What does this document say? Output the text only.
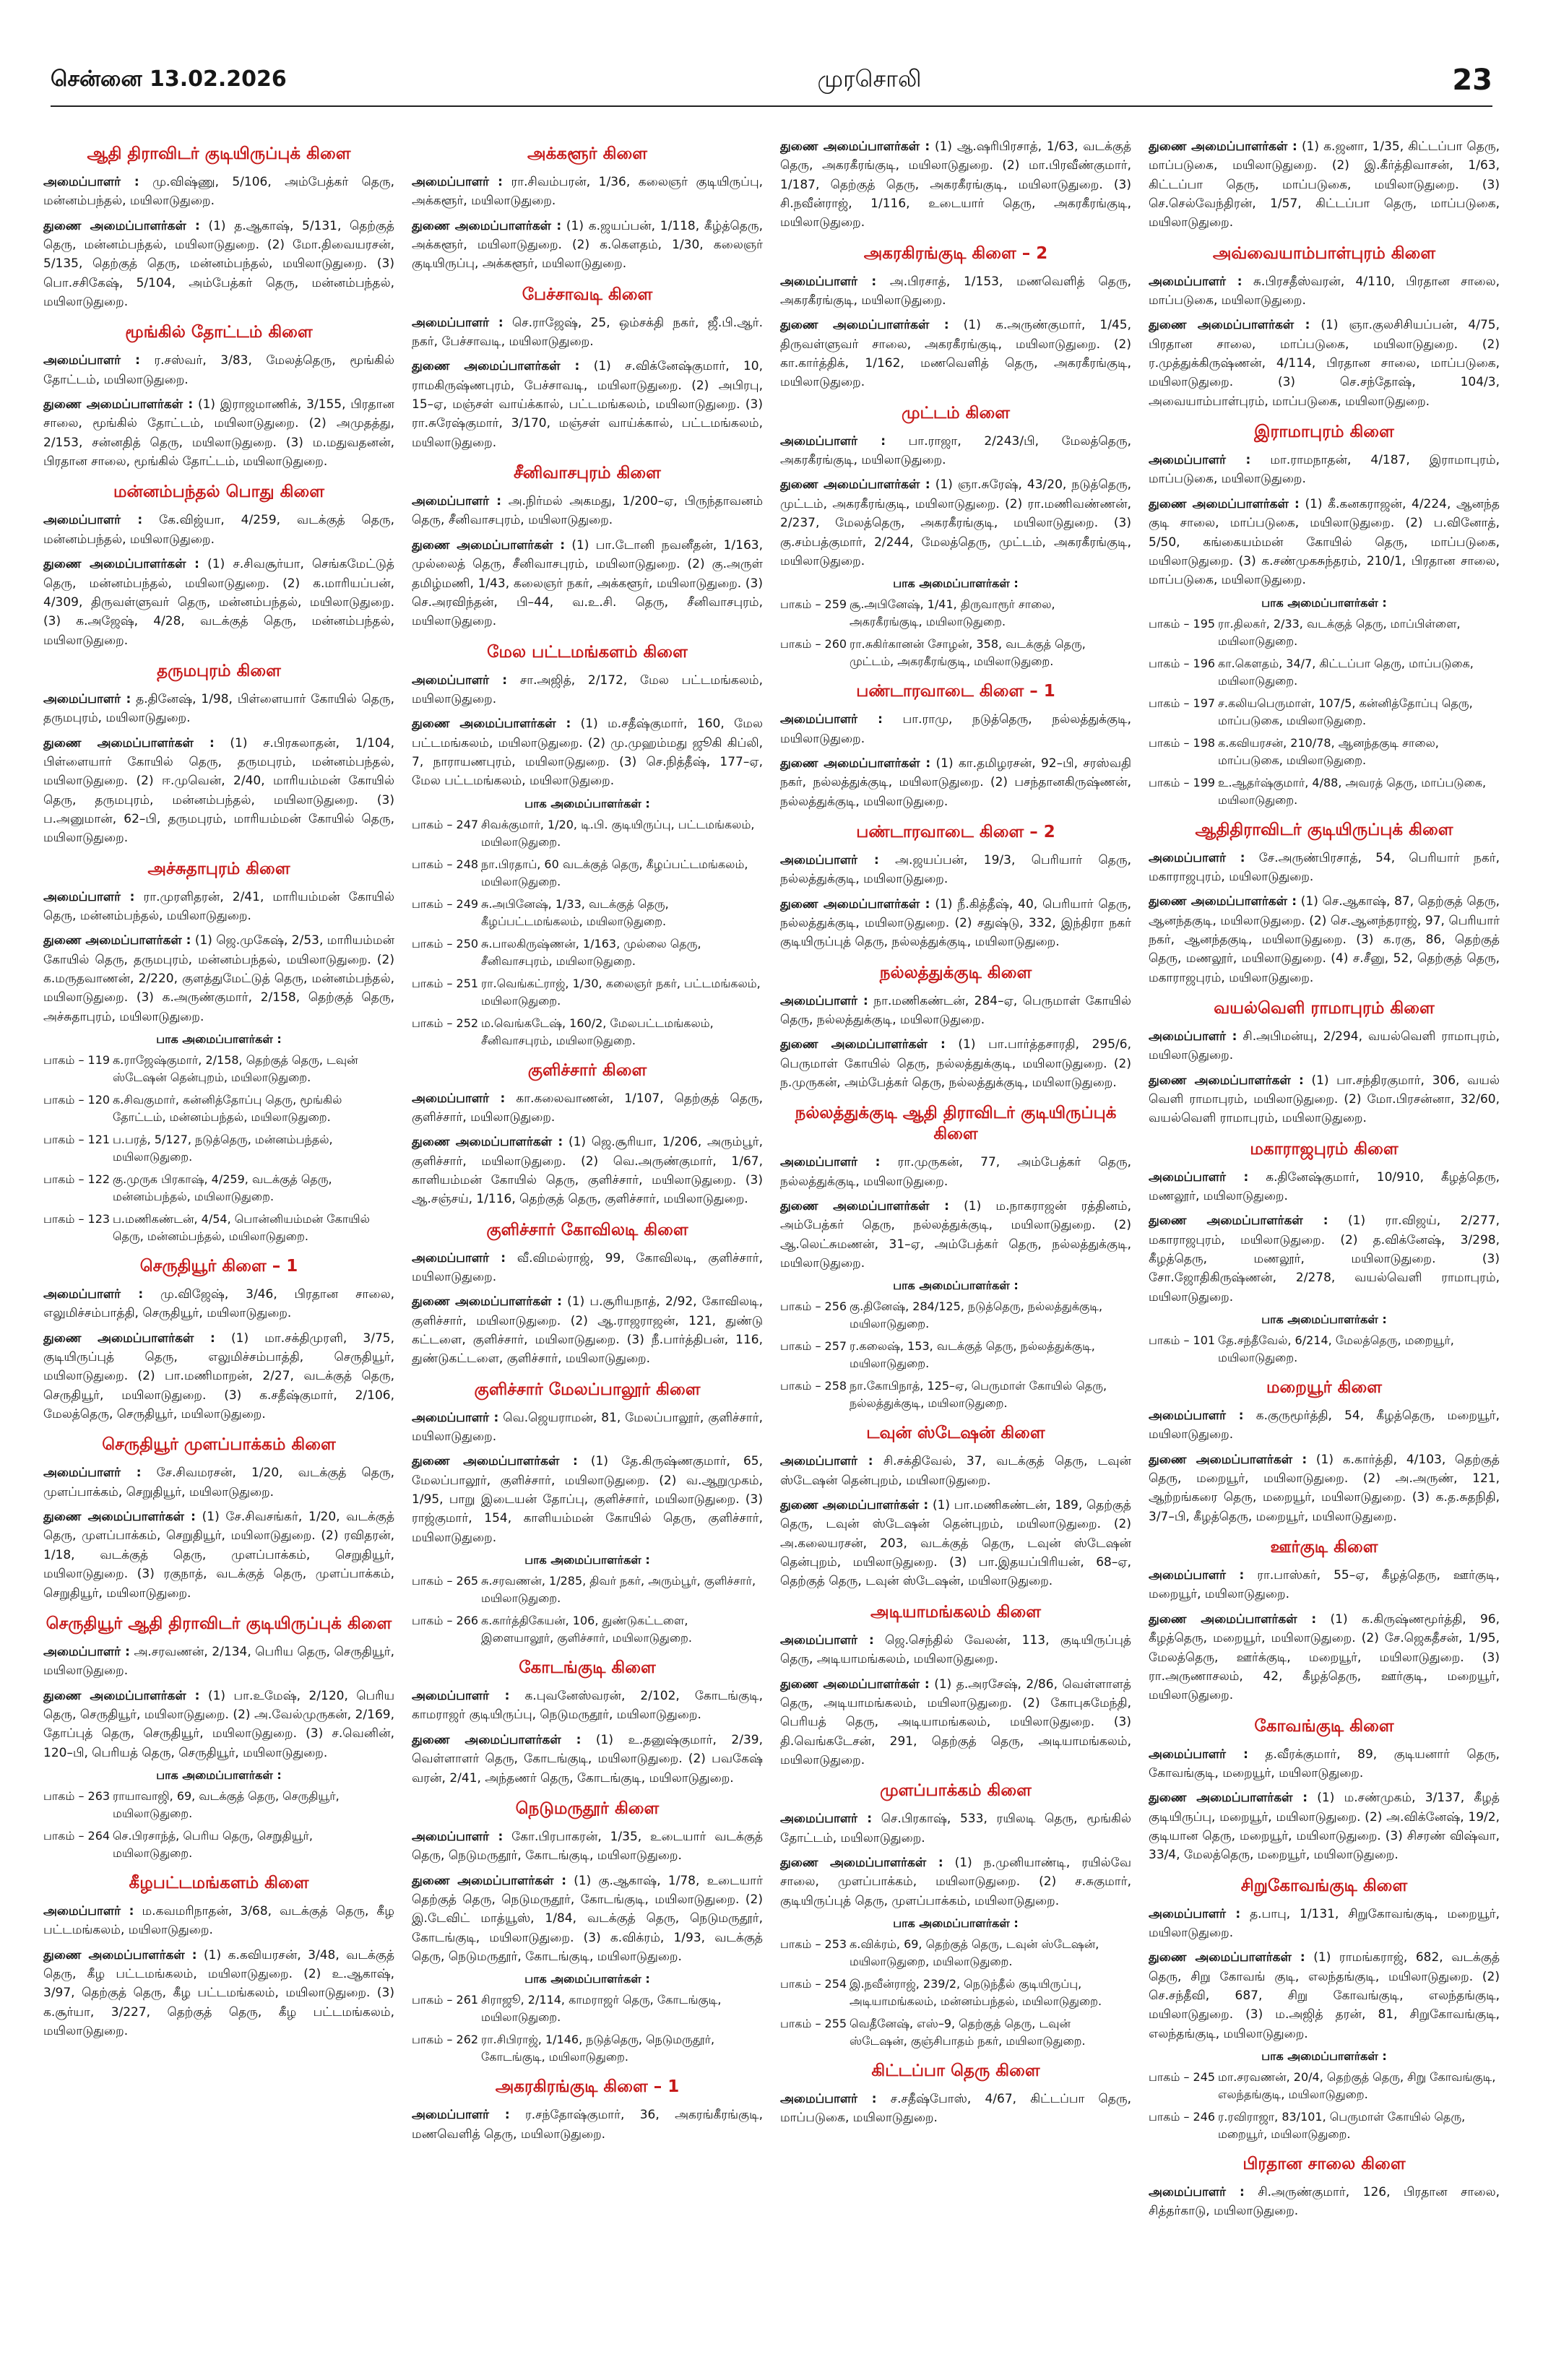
சென்னை 13.02.2026	முரசொலி	23
ஆதி திராவிடர் குடியிருப்புக் கிளை
அமைப்பாளர் : மு.விஷ்ணு, 5/106, அம்பேத்கர் தெரு, மன்னம்பந்தல், மயிலாடுதுறை.
துணை அமைப்பாளர்கள் : (1) த.ஆகாஷ், 5/131, தெற்குத் தெரு, மன்னம்பந்தல், மயிலாடுதுறை. (2) மோ.திவையரசன், 5/135, தெற்குத் தெரு, மன்னம்பந்தல், மயிலாடுதுறை. (3) பொ.சசிகேஷ், 5/104, அம்பேத்கர் தெரு, மன்னம்பந்தல், மயிலாடுதுறை.
மூங்கில் தோட்டம் கிளை
அமைப்பாளர் : ர.சஸ்வர், 3/83, மேலத்தெரு, மூங்கில் தோட்டம், மயிலாடுதுறை.
துணை அமைப்பாளர்கள் : (1) இராஜமாணிக், 3/155, பிரதான சாலை, மூங்கில் தோட்டம், மயிலாடுதுறை. (2) அமுதத்து, 2/153, சன்னதித் தெரு, மயிலாடுதுறை. (3) ம.மதுவதனன், பிரதான சாலை, மூங்கில் தோட்டம், மயிலாடுதுறை.
மன்னம்பந்தல் பொது கிளை
அமைப்பாளர் : கே.விஜ்யா, 4/259, வடக்குத் தெரு, மன்னம்பந்தல், மயிலாடுதுறை.
துணை அமைப்பாளர்கள் : (1) ச.சிவசூர்யா, செங்கமேட்டுத் தெரு, மன்னம்பந்தல், மயிலாடுதுறை. (2) க.மாரியப்பன், 4/309, திருவள்ளுவர் தெரு, மன்னம்பந்தல், மயிலாடுதுறை. (3) க.அஜேஷ், 4/28, வடக்குத் தெரு, மன்னம்பந்தல், மயிலாடுதுறை.
தருமபுரம் கிளை
அமைப்பாளர் : த.தினேஷ், 1/98, பிள்ளையார் கோயில் தெரு, தருமபுரம், மயிலாடுதுறை.
துணை அமைப்பாளர்கள் : (1) ச.பிரகலாதன், 1/104, பிள்ளையார் கோயில் தெரு, தருமபுரம், மன்னம்பந்தல், மயிலாடுதுறை. (2) ஈ.முவென், 2/40, மாரியம்மன் கோயில் தெரு, தருமபுரம், மன்னம்பந்தல், மயிலாடுதுறை. (3) ப.அனுமான், 62–பி, தருமபுரம், மாரியம்மன் கோயில் தெரு, மயிலாடுதுறை.
அச்சுதாபுரம் கிளை
அமைப்பாளர் : ரா.முரளிதரன், 2/41, மாரியம்மன் கோயில் தெரு, மன்னம்பந்தல், மயிலாடுதுறை.
துணை அமைப்பாளர்கள் : (1) ஜெ.முகேஷ், 2/53, மாரியம்மன் கோயில் தெரு, தருமபுரம், மன்னம்பந்தல், மயிலாடுதுறை. (2) க.மருதவாணன், 2/220, குளத்துமேட்டுத் தெரு, மன்னம்பந்தல், மயிலாடுதுறை. (3) க.அருண்குமார், 2/158, தெற்குத் தெரு, அச்சுதாபுரம், மயிலாடுதுறை.
பாக அமைப்பாளர்கள் :
பாகம் – 119 க.ராஜேஷ்குமார், 2/158, தெற்குத் தெரு, டவுன் ஸ்டேஷன் தென்புறம், மயிலாடுதுறை.
பாகம் – 120 க.சிவகுமார், கன்னித்தோப்பு தெரு, மூங்கில் தோட்டம், மன்னம்பந்தல், மயிலாடுதுறை.
பாகம் – 121 ப.பரத், 5/127, நடுத்தெரு, மன்னம்பந்தல், மயிலாடுதுறை.
பாகம் – 122 கு.முருக பிரகாஷ், 4/259, வடக்குத் தெரு, மன்னம்பந்தல், மயிலாடுதுறை.
பாகம் – 123 ப.மணிகண்டன், 4/54, பொன்னியம்மன் கோயில் தெரு, மன்னம்பந்தல், மயிலாடுதுறை.
செருதியூர் கிளை – 1
அமைப்பாளர் : மு.விஜேஷ், 3/46, பிரதான சாலை, எலுமிச்சம்பாத்தி, செருதியூர், மயிலாடுதுறை.
துணை அமைப்பாளர்கள் : (1) மா.சக்திமுரளி, 3/75, குடியிருப்புத் தெரு, எலுமிச்சம்பாத்தி, செருதியூர், மயிலாடுதுறை. (2) பா.மணிமாறன், 2/27, வடக்குத் தெரு, செருதியூர், மயிலாடுதுறை. (3) க.சதீஷ்குமார், 2/106, மேலத்தெரு, செருதியூர், மயிலாடுதுறை.
செருதியூர் முளப்பாக்கம் கிளை
அமைப்பாளர் : சே.சிவமரசன், 1/20, வடக்குத் தெரு, முளப்பாக்கம், செறுதியூர், மயிலாடுதுறை.
துணை அமைப்பாளர்கள் : (1) சே.சிவசங்கர், 1/20, வடக்குத் தெரு, முளப்பாக்கம், செறுதியூர், மயிலாடுதுறை. (2) ரவிதரன், 1/18, வடக்குத் தெரு, முளப்பாக்கம், செறுதியூர், மயிலாடுதுறை. (3) ரகுநாத், வடக்குத் தெரு, முளப்பாக்கம், செறுதியூர், மயிலாடுதுறை.
செருதியூர் ஆதி திராவிடர் குடியிருப்புக் கிளை
அமைப்பாளர் : அ.சரவணன், 2/134, பெரிய தெரு, செருதியூர், மயிலாடுதுறை.
துணை அமைப்பாளர்கள் : (1) பா.உமேஷ், 2/120, பெரிய தெரு, செருதியூர், மயிலாடுதுறை. (2) அ.வேல்முருகன், 2/169, தோப்புத் தெரு, செருதியூர், மயிலாடுதுறை. (3) ச.வெனின், 120–பி, பெரியத் தெரு, செருதியூர், மயிலாடுதுறை.
பாக அமைப்பாளர்கள் :
பாகம் – 263 ராயாவாஜி, 69, வடக்குத் தெரு, செருதியூர், மயிலாடுதுறை.
பாகம் – 264 செ.பிரசாந்த், பெரிய தெரு, செறுதியூர், மயிலாடுதுறை.
கீழபட்டமங்களம் கிளை
அமைப்பாளர் : ம.கவமரிநாதன், 3/68, வடக்குத் தெரு, கீழ பட்டமங்கலம், மயிலாடுதுறை.
துணை அமைப்பாளர்கள் : (1) க.கவியரசன், 3/48, வடக்குத் தெரு, கீழ பட்டமங்கலம், மயிலாடுதுறை. (2) உ.ஆகாஷ், 3/97, தெற்குத் தெரு, கீழ பட்டமங்கலம், மயிலாடுதுறை. (3) க.சூர்யா, 3/227, தெற்குத் தெரு, கீழ பட்டமங்கலம், மயிலாடுதுறை.
அக்களூர் கிளை
அமைப்பாளர் : ரா.சிவம்பரன், 1/36, கலைஞர் குடியிருப்பு, அக்களூர், மயிலாடுதுறை.
துணை அமைப்பாளர்கள் : (1) க.ஜயப்பன், 1/118, கீழ்த்தெரு, அக்களூர், மயிலாடுதுறை. (2) க.கௌதம், 1/30, கலைஞர் குடியிருப்பு, அக்களூர், மயிலாடுதுறை.
பேச்சாவடி கிளை
அமைப்பாளர் : செ.ராஜேஷ், 25, ஒம்சக்தி நகர், ஜீ.பி.ஆர். நகர், பேச்சாவடி, மயிலாடுதுறை.
துணை அமைப்பாளர்கள் : (1) ச.விக்னேஷ்குமார், 10, ராமகிருஷ்ணபுரம், பேச்சாவடி, மயிலாடுதுறை. (2) அபிரபு, 15–ஏ, மஞ்சள் வாய்க்கால், பட்டமங்கலம், மயிலாடுதுறை. (3) ரா.சுரேஷ்குமார், 3/170, மஞ்சள் வாய்க்கால், பட்டமங்கலம், மயிலாடுதுறை.
சீனிவாசபுரம் கிளை
அமைப்பாளர் : அ.நிர்மல் அகமது, 1/200–ஏ, பிருந்தாவனம் தெரு, சீனிவாசபுரம், மயிலாடுதுறை.
துணை அமைப்பாளர்கள் : (1) பா.டோனி நவனீதன், 1/163, முல்லைத் தெரு, சீனிவாசபுரம், மயிலாடுதுறை. (2) கு.அருள் தமிழ்மணி, 1/43, கலைஞர் நகர், அக்களூர், மயிலாடுதுறை. (3) செ.அரவிந்தன், பி–44, வ.உ.சி. தெரு, சீனிவாசபுரம், மயிலாடுதுறை.
மேல பட்டமங்களம் கிளை
அமைப்பாளர் : சா.அஜித், 2/172, மேல பட்டமங்கலம், மயிலாடுதுறை.
துணை அமைப்பாளர்கள் : (1) ம.சதீஷ்குமார், 160, மேல பட்டமங்கலம், மயிலாடுதுறை. (2) மு.முஹம்மது ஜூகி கிப்லி, 7, நாராயணபுரம், மயிலாடுதுறை. (3) செ.நித்தீஷ், 177–ஏ, மேல பட்டமங்கலம், மயிலாடுதுறை.
பாக அமைப்பாளர்கள் :
பாகம் – 247 சிவக்குமார், 1/20, டி.பி. குடியிருப்பு, பட்டமங்கலம், மயிலாடுதுறை.
பாகம் – 248 நா.பிரதாப், 60 வடக்குத் தெரு, கீழப்பட்டமங்கலம், மயிலாடுதுறை.
பாகம் – 249 சு.அபினேஷ், 1/33, வடக்குத் தெரு, கீழப்பட்டமங்கலம், மயிலாடுதுறை.
பாகம் – 250 சு.பாலகிருஷ்ணன், 1/163, முல்லை தெரு, சீனிவாசபுரம், மயிலாடுதுறை.
பாகம் – 251 ரா.வெங்கட்ராஜ், 1/30, கலைஞர் நகர், பட்டமங்கலம், மயிலாடுதுறை.
பாகம் – 252 ம.வெங்கடேஷ், 160/2, மேலபட்டமங்கலம், சீனிவாசபுரம், மயிலாடுதுறை.
குளிச்சார் கிளை
அமைப்பாளர் : கா.கலைவாணன், 1/107, தெற்குத் தெரு, குளிச்சார், மயிலாடுதுறை.
துணை அமைப்பாளர்கள் : (1) ஜெ.சூரியா, 1/206, அரும்பூர், குளிச்சார், மயிலாடுதுறை. (2) வெ.அருண்குமார், 1/67, காளியம்மன் கோயில் தெரு, குளிச்சார், மயிலாடுதுறை. (3) ஆ.சஞ்சய், 1/116, தெற்குத் தெரு, குளிச்சார், மயிலாடுதுறை.
குளிச்சார் கோவிலடி கிளை
அமைப்பாளர் : வீ.விமல்ராஜ், 99, கோவிலடி, குளிச்சார், மயிலாடுதுறை.
துணை அமைப்பாளர்கள் : (1) ப.சூரியநாத், 2/92, கோவிலடி, குளிச்சார், மயிலாடுதுறை. (2) ஆ.ராஜராஜன், 121, துண்டு கட்டளை, குளிச்சார், மயிலாடுதுறை. (3) நீ.பார்த்திபன், 116, துண்டுகட்டளை, குளிச்சார், மயிலாடுதுறை.
குளிச்சார் மேலப்பாலூர் கிளை
அமைப்பாளர் : வெ.ஜெயராமன், 81, மேலப்பாலூர், குளிச்சார், மயிலாடுதுறை.
துணை அமைப்பாளர்கள் : (1) தே.கிருஷ்ணகுமார், 65, மேலப்பாலூர், குளிச்சார், மயிலாடுதுறை. (2) வ.ஆறுமுகம், 1/95, பாறு இடையன் தோப்பு, குளிச்சார், மயிலாடுதுறை. (3) ராஜ்குமார், 154, காளியம்மன் கோயில் தெரு, குளிச்சார், மயிலாடுதுறை.
பாக அமைப்பாளர்கள் :
பாகம் – 265 சு.சரவணன், 1/285, திவர் நகர், அரும்பூர், குளிச்சார், மயிலாடுதுறை.
பாகம் – 266 க.கார்த்திகேயன், 106, துண்டுகட்டளை, இளையாலூர், குளிச்சார், மயிலாடுதுறை.
கோடங்குடி கிளை
அமைப்பாளர் : க.புவனேஸ்வரன், 2/102, கோடங்குடி, காமராஜர் குடியிருப்பு, நெடுமருதூர், மயிலாடுதுறை.
துணை அமைப்பாளர்கள் : (1) உ.தனுஷ்குமார், 2/39, வெள்ளாளர் தெரு, கோடங்குடி, மயிலாடுதுறை. (2) பவகேஷ் வரன், 2/41, அந்தணர் தெரு, கோடங்குடி, மயிலாடுதுறை.
நெடுமருதூர் கிளை
அமைப்பாளர் : கோ.பிரபாகரன், 1/35, உடையார் வடக்குத் தெரு, நெடுமருதூர், கோடங்குடி, மயிலாடுதுறை.
துணை அமைப்பாளர்கள் : (1) கு.ஆகாஷ், 1/78, உடையார் தெற்குத் தெரு, நெடுமருதூர், கோடங்குடி, மயிலாடுதுறை. (2) இ.டேவிட் மாத்யூஸ், 1/84, வடக்குத் தெரு, நெடுமருதூர், கோடங்குடி, மயிலாடுதுறை. (3) க.விக்ரம், 1/93, வடக்குத் தெரு, நெடுமருதூர், கோடங்குடி, மயிலாடுதுறை.
பாக அமைப்பாளர்கள் :
பாகம் – 261 சிராஜூ, 2/114, காமராஜர் தெரு, கோடங்குடி, மயிலாடுதுறை.
பாகம் – 262 ரா.சிபிராஜ், 1/146, நடுத்தெரு, நெடுமருதூர், கோடங்குடி, மயிலாடுதுறை.
அகரகிரங்குடி கிளை – 1
அமைப்பாளர் : ர.சந்தோஷ்குமார், 36, அகரங்கீரங்குடி, மணவெளித் தெரு, மயிலாடுதுறை.
துணை அமைப்பாளர்கள் : (1) ஆ.ஷரிபிரசாத், 1/63, வடக்குத் தெரு, அகரகீரங்குடி, மயிலாடுதுறை. (2) மா.பிரவீண்குமார், 1/187, தெற்குத் தெரு, அகரகீரங்குடி, மயிலாடுதுறை. (3) சி.நவீன்ராஜ், 1/116, உடையார் தெரு, அகரகீரங்குடி, மயிலாடுதுறை.
அகரகிரங்குடி கிளை – 2
அமைப்பாளர் : அ.பிரசாத், 1/153, மணவெளித் தெரு, அகரகீரங்குடி, மயிலாடுதுறை.
துணை அமைப்பாளர்கள் : (1) க.அருண்குமார், 1/45, திருவள்ளுவர் சாலை, அகரகீரங்குடி, மயிலாடுதுறை. (2) கா.கார்த்திக், 1/162, மணவெளித் தெரு, அகரகீரங்குடி, மயிலாடுதுறை.
முட்டம் கிளை
அமைப்பாளர் : பா.ராஜா, 2/243/பி, மேலத்தெரு, அகரகீரங்குடி, மயிலாடுதுறை.
துணை அமைப்பாளர்கள் : (1) ஞா.சுரேஷ், 43/20, நடுத்தெரு, முட்டம், அகரகீரங்குடி, மயிலாடுதுறை. (2) ரா.மணிவண்ணன், 2/237, மேலத்தெரு, அகரகீரங்குடி, மயிலாடுதுறை. (3) கு.சம்பத்குமார், 2/244, மேலத்தெரு, முட்டம், அகரகீரங்குடி, மயிலாடுதுறை.
பாக அமைப்பாளர்கள் :
பாகம் – 259 சூ.அபினேஷ், 1/41, திருவாரூர் சாலை, அகரகீரங்குடி, மயிலாடுதுறை.
பாகம் – 260 ரா.சுகிர்கானன் சோழன், 358, வடக்குத் தெரு, முட்டம், அகரகீரங்குடி, மயிலாடுதுறை.
பண்டாரவாடை கிளை – 1
அமைப்பாளர் : பா.ராமு, நடுத்தெரு, நல்லத்துக்குடி, மயிலாடுதுறை.
துணை அமைப்பாளர்கள் : (1) கா.தமிழரசன், 92–பி, சரஸ்வதி நகர், நல்லத்துக்குடி, மயிலாடுதுறை. (2) பசந்தானகிருஷ்ணன், நல்லத்துக்குடி, மயிலாடுதுறை.
பண்டாரவாடை கிளை – 2
அமைப்பாளர் : அ.ஜயப்பன், 19/3, பெரியார் தெரு, நல்லத்துக்குடி, மயிலாடுதுறை.
துணை அமைப்பாளர்கள் : (1) நீ.கித்தீஷ், 40, பெரியார் தெரு, நல்லத்துக்குடி, மயிலாடுதுறை. (2) சதுஷ்டு, 332, இந்திரா நகர் குடியிருப்புத் தெரு, நல்லத்துக்குடி, மயிலாடுதுறை.
நல்லத்துக்குடி கிளை
அமைப்பாளர் : நா.மணிகண்டன், 284–ஏ, பெருமாள் கோயில் தெரு, நல்லத்துக்குடி, மயிலாடுதுறை.
துணை அமைப்பாளர்கள் : (1) பா.பார்த்தசாரதி, 295/6, பெருமாள் கோயில் தெரு, நல்லத்துக்குடி, மயிலாடுதுறை. (2) ந.முருகன், அம்பேத்கர் தெரு, நல்லத்துக்குடி, மயிலாடுதுறை.
நல்லத்துக்குடி ஆதி திராவிடர் குடியிருப்புக் கிளை
அமைப்பாளர் : ரா.முருகன், 77, அம்பேத்கர் தெரு, நல்லத்துக்குடி, மயிலாடுதுறை.
துணை அமைப்பாளர்கள் : (1) ம.நாகராஜன் ரத்தினம், அம்பேத்கர் தெரு, நல்லத்துக்குடி, மயிலாடுதுறை. (2) ஆ.லெட்சுமணன், 31–ஏ, அம்பேத்கர் தெரு, நல்லத்துக்குடி, மயிலாடுதுறை.
பாக அமைப்பாளர்கள் :
பாகம் – 256 கு.தினேஷ், 284/125, நடுத்தெரு, நல்லத்துக்குடி, மயிலாடுதுறை.
பாகம் – 257 ர.கலைஷ், 153, வடக்குத் தெரு, நல்லத்துக்குடி, மயிலாடுதுறை.
பாகம் – 258 நா.கோபிநாத், 125–ஏ, பெருமாள் கோயில் தெரு, நல்லத்துக்குடி, மயிலாடுதுறை.
டவுன் ஸ்டேஷன் கிளை
அமைப்பாளர் : சி.சக்திவேல், 37, வடக்குத் தெரு, டவுன் ஸ்டேஷன் தென்புறம், மயிலாடுதுறை.
துணை அமைப்பாளர்கள் : (1) பா.மணிகண்டன், 189, தெற்குத் தெரு, டவுன் ஸ்டேஷன் தென்புறம், மயிலாடுதுறை. (2) அ.கலையரசன், 203, வடக்குத் தெரு, டவுன் ஸ்டேஷன் தென்புறம், மயிலாடுதுறை. (3) பா.இதயப்பிரியன், 68–ஏ, தெற்குத் தெரு, டவுன் ஸ்டேஷன், மயிலாடுதுறை.
அடியாமங்கலம் கிளை
அமைப்பாளர் : ஜெ.செந்தில் வேலன், 113, குடியிருப்புத் தெரு, அடியாமங்கலம், மயிலாடுதுறை.
துணை அமைப்பாளர்கள் : (1) த.அரசேஷ், 2/86, வெள்ளாளத் தெரு, அடியாமங்கலம், மயிலாடுதுறை. (2) கோபுசுமேந்தி, பெரியத் தெரு, அடியாமங்கலம், மயிலாடுதுறை. (3) தி.வெங்கடேசன், 291, தெற்குத் தெரு, அடியாமங்கலம், மயிலாடுதுறை.
முளப்பாக்கம் கிளை
அமைப்பாளர் : செ.பிரகாஷ், 533, ரயிலடி தெரு, மூங்கில் தோட்டம், மயிலாடுதுறை.
துணை அமைப்பாளர்கள் : (1) ந.முனியாண்டி, ரயில்வே சாலை, முளப்பாக்கம், மயிலாடுதுறை. (2) ச.சுகுமார், குடியிருப்புத் தெரு, முளப்பாக்கம், மயிலாடுதுறை.
பாக அமைப்பாளர்கள் :
பாகம் – 253 க.விக்ரம், 69, தெற்குத் தெரு, டவுன் ஸ்டேஷன், மயிலாடுதுறை, மயிலாடுதுறை.
பாகம் – 254 இ.நவீன்ராஜ், 239/2, நெடுந்தீல் குடியிருப்பு, அடியாமங்கலம், மன்னம்பந்தல், மயிலாடுதுறை.
பாகம் – 255 வெதீனேஷ், எஸ்–9, தெற்குத் தெரு, டவுன் ஸ்டேஷன், குஞ்சிபாதம் நகர், மயிலாடுதுறை.
கிட்டப்பா தெரு கிளை
அமைப்பாளர் : ச.சதீஷ்போஸ், 4/67, கிட்டப்பா தெரு, மாப்படுகை, மயிலாடுதுறை.
துணை அமைப்பாளர்கள் : (1) க.ஜனா, 1/35, கிட்டப்பா தெரு, மாப்படுகை, மயிலாடுதுறை. (2) இ.கீர்த்திவாசன், 1/63, கிட்டப்பா தெரு, மாப்படுகை, மயிலாடுதுறை. (3) செ.செல்வேந்திரன், 1/57, கிட்டப்பா தெரு, மாப்படுகை, மயிலாடுதுறை.
அவ்வையாம்பாள்புரம் கிளை
அமைப்பாளர் : சு.பிரசதீஸ்வரன், 4/110, பிரதான சாலை, மாப்படுகை, மயிலாடுதுறை.
துணை அமைப்பாளர்கள் : (1) ஞா.குலசிசியப்பன், 4/75, பிரதான சாலை, மாப்படுகை, மயிலாடுதுறை. (2) ர.முத்துக்கிருஷ்ணன், 4/114, பிரதான சாலை, மாப்படுகை, மயிலாடுதுறை. (3) செ.சந்தோஷ், 104/3, அவையாம்பாள்புரம், மாப்படுகை, மயிலாடுதுறை.
இராமாபுரம் கிளை
அமைப்பாளர் : மா.ராமநாதன், 4/187, இராமாபுரம், மாப்படுகை, மயிலாடுதுறை.
துணை அமைப்பாளர்கள் : (1) கீ.கனகராஜன், 4/224, ஆனந்த குடி சாலை, மாப்படுகை, மயிலாடுதுறை. (2) ப.வினோத், 5/50, கங்கையம்மன் கோயில் தெரு, மாப்படுகை, மயிலாடுதுறை. (3) க.சண்முகசுந்தரம், 210/1, பிரதான சாலை, மாப்படுகை, மயிலாடுதுறை.
பாக அமைப்பாளர்கள் :
பாகம் – 195 ரா.திலகர், 2/33, வடக்குத் தெரு, மாப்பிள்ளை, மயிலாடுதுறை.
பாகம் – 196 கா.கௌதம், 34/7, கிட்டப்பா தெரு, மாப்படுகை, மயிலாடுதுறை.
பாகம் – 197 ச.கலியபெருமாள், 107/5, கன்னித்தோப்பு தெரு, மாப்படுகை, மயிலாடுதுறை.
பாகம் – 198 க.கவியரசன், 210/78, ஆனந்தகுடி சாலை, மாப்படுகை, மயிலாடுதுறை.
பாகம் – 199 உ.ஆதர்ஷ்குமார், 4/88, அவரத் தெரு, மாப்படுகை, மயிலாடுதுறை.
ஆதிதிராவிடர் குடியிருப்புக் கிளை
அமைப்பாளர் : சே.அருண்பிரசாத், 54, பெரியார் நகர், மகாராஜபுரம், மயிலாடுதுறை.
துணை அமைப்பாளர்கள் : (1) செ.ஆகாஷ், 87, தெற்குத் தெரு, ஆனந்தகுடி, மயிலாடுதுறை. (2) செ.ஆனந்தராஜ், 97, பெரியார் நகர், ஆனந்தகுடி, மயிலாடுதுறை. (3) க.ரகு, 86, தெற்குத் தெரு, மணலூர், மயிலாடுதுறை. (4) ச.சீனு, 52, தெற்குத் தெரு, மகாராஜபுரம், மயிலாடுதுறை.
வயல்வெளி ராமாபுரம் கிளை
அமைப்பாளர் : சி.அபிமன்யு, 2/294, வயல்வெளி ராமாபுரம், மயிலாடுதுறை.
துணை அமைப்பாளர்கள் : (1) பா.சந்திரகுமார், 306, வயல் வெளி ராமாபுரம், மயிலாடுதுறை. (2) மோ.பிரசன்னா, 32/60, வயல்வெளி ராமாபுரம், மயிலாடுதுறை.
மகாராஜபுரம் கிளை
அமைப்பாளர் : க.தினேஷ்குமார், 10/910, கீழத்தெரு, மணலூர், மயிலாடுதுறை.
துணை அமைப்பாளர்கள் : (1) ரா.விஜய், 2/277, மகாராஜபுரம், மயிலாடுதுறை. (2) த.விக்னேஷ், 3/298, கீழத்தெரு, மணலூர், மயிலாடுதுறை. (3) சோ.ஜோதிகிருஷ்ணன், 2/278, வயல்வெளி ராமாபுரம், மயிலாடுதுறை.
பாக அமைப்பாளர்கள் :
பாகம் – 101 தே.சந்தீவேல், 6/214, மேலத்தெரு, மறையூர், மயிலாடுதுறை.
மறையூர் கிளை
அமைப்பாளர் : க.குருமூர்த்தி, 54, கீழத்தெரு, மறையூர், மயிலாடுதுறை.
துணை அமைப்பாளர்கள் : (1) க.கார்த்தி, 4/103, தெற்குத் தெரு, மறையூர், மயிலாடுதுறை. (2) அ.அருண், 121, ஆற்றங்கரை தெரு, மறையூர், மயிலாடுதுறை. (3) க.த.சுதநிதி, 3/7–பி, கீழத்தெரு, மறையூர், மயிலாடுதுறை.
ஊர்குடி கிளை
அமைப்பாளர் : ரா.பாஸ்கர், 55–ஏ, கீழத்தெரு, ஊர்குடி, மறையூர், மயிலாடுதுறை.
துணை அமைப்பாளர்கள் : (1) க.கிருஷ்ணமூர்த்தி, 96, கீழத்தெரு, மறையூர், மயிலாடுதுறை. (2) சே.ஜெகதீசன், 1/95, மேலத்தெரு, ஊர்க்குடி, மறையூர், மயிலாடுதுறை. (3) ரா.அருணாசலம், 42, கீழத்தெரு, ஊர்குடி, மறையூர், மயிலாடுதுறை.
கோவங்குடி கிளை
அமைப்பாளர் : த.வீரக்குமார், 89, குடியனார் தெரு, கோவங்குடி, மறையூர், மயிலாடுதுறை.
துணை அமைப்பாளர்கள் : (1) ம.சண்முகம், 3/137, கீழத் குடியிருப்பு, மறையூர், மயிலாடுதுறை. (2) அ.விக்னேஷ், 19/2, குடியான தெரு, மறையூர், மயிலாடுதுறை. (3) சிசரண் விஷ்வா, 33/4, மேலத்தெரு, மறையூர், மயிலாடுதுறை.
சிறுகோவங்குடி கிளை
அமைப்பாளர் : த.பாபு, 1/131, சிறுகோவங்குடி, மறையூர், மயிலாடுதுறை.
துணை அமைப்பாளர்கள் : (1) ராமங்கராஜ், 682, வடக்குத் தெரு, சிறு கோவங் குடி, எலந்தங்குடி, மயிலாடுதுறை. (2) செ.சந்தீவி, 687, சிறு கோவங்குடி, எலந்தங்குடி, மயிலாடுதுறை. (3) ம.அஜித் தரன், 81, சிறுகோவங்குடி, எலந்தங்குடி, மயிலாடுதுறை.
பாக அமைப்பாளர்கள் :
பாகம் – 245 மா.சரவணன், 20/4, தெற்குத் தெரு, சிறு கோவங்குடி, எலந்தங்குடி, மயிலாடுதுறை.
பாகம் – 246 ர.ரவிராஜா, 83/101, பெருமாள் கோயில் தெரு, மறையூர், மயிலாடுதுறை.
பிரதான சாலை கிளை
அமைப்பாளர் : சி.அருண்குமார், 126, பிரதான சாலை, சித்தர்காடு, மயிலாடுதுறை.
